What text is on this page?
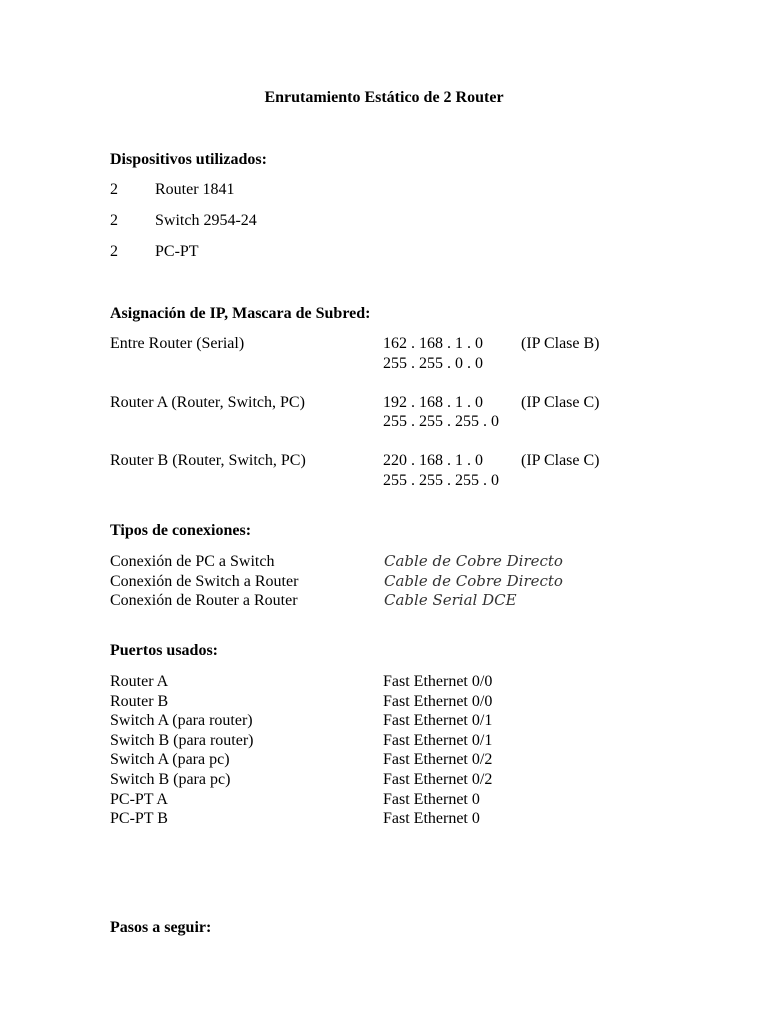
Enrutamiento Estático de 2 Router
Dispositivos utilizados:
2 Router 1841
2 Switch 2954-24
2 PC-PT
Asignación de IP, Mascara de Subred:
Entre Router (Serial)	162 . 168 . 1 . 0 (IP Clase B)
255 . 255 . 0 . 0
Router A (Router, Switch, PC)	192 . 168 . 1 . 0 (IP Clase C)
255 . 255 . 255 . 0
Router B (Router, Switch, PC)	220 . 168 . 1 . 0 (IP Clase C)
255 . 255 . 255 . 0
Tipos de conexiones:
Conexión de PC a Switch	Cable de Cobre Directo
Conexión de Switch a Router	Cable de Cobre Directo
Conexión de Router a Router	Cable Serial DCE
Puertos usados:
Router A	Fast Ethernet 0/0
Router B	Fast Ethernet 0/0
Switch A (para router)	Fast Ethernet 0/1
Switch B (para router)	Fast Ethernet 0/1
Switch A (para pc)	Fast Ethernet 0/2
Switch B (para pc)	Fast Ethernet 0/2
PC-PT A	Fast Ethernet 0
PC-PT B	Fast Ethernet 0
Pasos a seguir:
